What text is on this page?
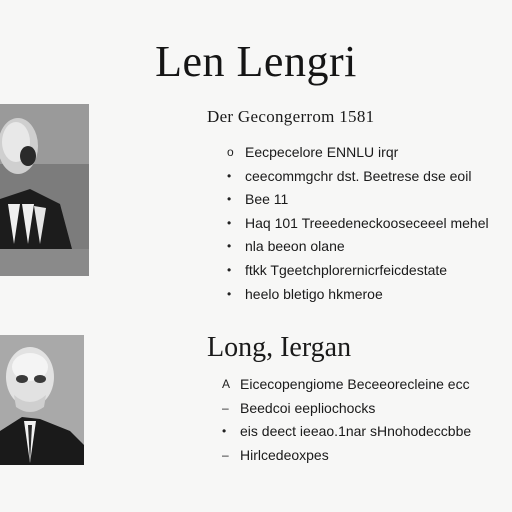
Len Lengri
Der Gecongerrom 1581
o Eecpecelore ENNLU irqr
• ceecommgchr dst. Beetrese dse eoil
• Bee 11
• Haq 101 Treeedeneckooseceeel mehel
• nla beeon olane
• ftkk Tgeetchplorernicrfeicdestate
• heelo bletigo hkmeroe
Long, Iergan
A Eicecopengiome Beceeorecleine ecc
– Beedcoi eepliochocks
• eis deect ieeao.1nar sHnohodeccbbe
– Hirlcedeoxpes
